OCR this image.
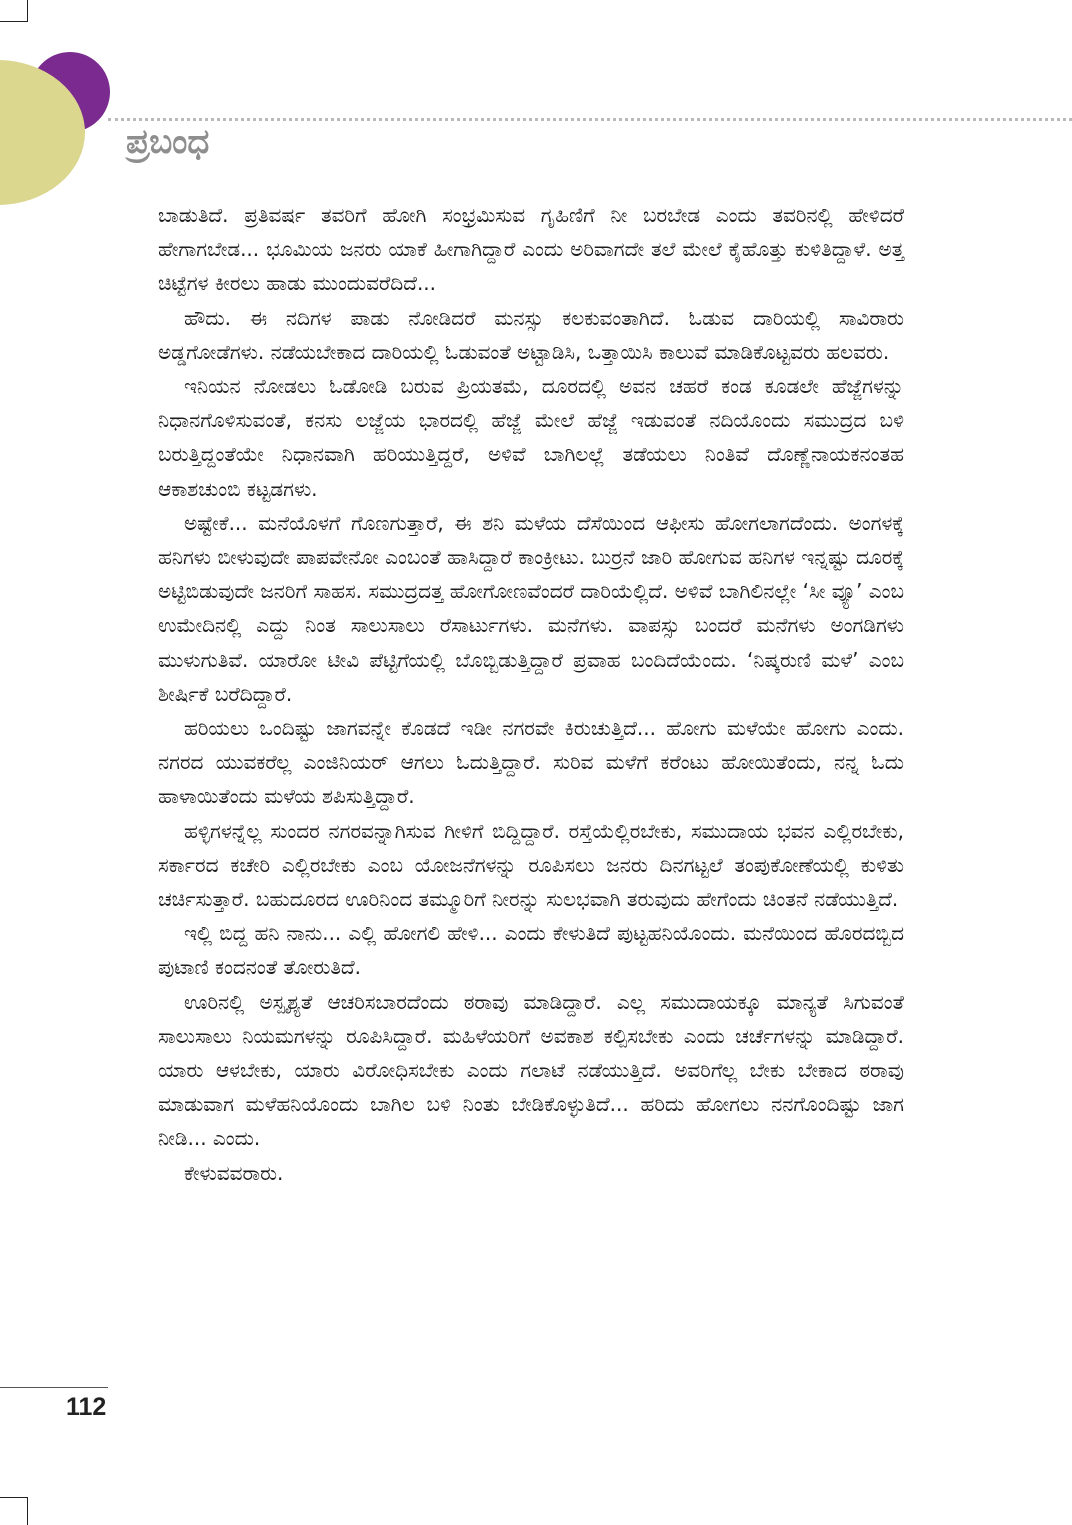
ಪ್ರಬಂಧ

ಬಾಡುತಿದೆ. ಪ್ರತಿವರ್ಷ ತವರಿಗೆ ಹೋಗಿ ಸಂಭ್ರಮಿಸುವ ಗೃಹಿಣಿಗೆ ನೀ ಬರಬೇಡ ಎಂದು ತವರಿನಲ್ಲಿ ಹೇಳಿದರೆ ಹೇಗಾಗಬೇಡ... ಭೂಮಿಯ ಜನರು ಯಾಕೆ ಹೀಗಾಗಿದ್ದಾರೆ ಎಂದು ಅರಿವಾಗದೇ ತಲೆ ಮೇಲೆ ಕೈಹೊತ್ತು ಕುಳಿತಿದ್ದಾಳೆ. ಅತ್ತ ಚಿಟ್ಟೆಗಳ ಕೀರಲು ಹಾಡು ಮುಂದುವರೆದಿದೆ...

ಹೌದು. ಈ ನದಿಗಳ ಪಾಡು ನೋಡಿದರೆ ಮನಸ್ಸು ಕಲಕುವಂತಾಗಿದೆ. ಓಡುವ ದಾರಿಯಲ್ಲಿ ಸಾವಿರಾರು ಅಡ್ಡಗೋಡೆಗಳು. ನಡೆಯಬೇಕಾದ ದಾರಿಯಲ್ಲಿ ಓಡುವಂತೆ ಅಟ್ಟಾಡಿಸಿ, ಒತ್ತಾಯಿಸಿ ಕಾಲುವೆ ಮಾಡಿಕೊಟ್ಟವರು ಹಲವರು.

ಇನಿಯನ ನೋಡಲು ಓಡೋಡಿ ಬರುವ ಪ್ರಿಯತಮೆ, ದೂರದಲ್ಲಿ ಅವನ ಚಹರೆ ಕಂಡ ಕೂಡಲೇ ಹೆಜ್ಜೆಗಳನ್ನು ನಿಧಾನಗೊಳಿಸುವಂತೆ, ಕನಸು ಲಜ್ಜೆಯ ಭಾರದಲ್ಲಿ ಹೆಜ್ಜೆ ಮೇಲೆ ಹೆಜ್ಜೆ ಇಡುವಂತೆ ನದಿಯೊಂದು ಸಮುದ್ರದ ಬಳಿ ಬರುತ್ತಿದ್ದಂತೆಯೇ ನಿಧಾನವಾಗಿ ಹರಿಯುತ್ತಿದ್ದರೆ, ಅಳಿವೆ ಬಾಗಿಲಲ್ಲೆ ತಡೆಯಲು ನಿಂತಿವೆ ದೊಣ್ಣೆನಾಯಕನಂತಹ ಆಕಾಶಚುಂಬಿ ಕಟ್ಟಡಗಳು.

ಅಷ್ಟೇಕೆ... ಮನೆಯೊಳಗೆ ಗೊಣಗುತ್ತಾರೆ, ಈ ಶನಿ ಮಳೆಯ ದೆಸೆಯಿಂದ ಆಫೀಸು ಹೋಗಲಾಗದೆಂದು. ಅಂಗಳಕ್ಕೆ ಹನಿಗಳು ಬೀಳುವುದೇ ಪಾಪವೇನೋ ಎಂಬಂತೆ ಹಾಸಿದ್ದಾರೆ ಕಾಂಕ್ರೀಟು. ಬುರ್ರನೆ ಜಾರಿ ಹೋಗುವ ಹನಿಗಳ ಇನ್ನಷ್ಟು ದೂರಕ್ಕೆ ಅಟ್ಟಿಬಿಡುವುದೇ ಜನರಿಗೆ ಸಾಹಸ. ಸಮುದ್ರದತ್ತ ಹೋಗೋಣವೆಂದರೆ ದಾರಿಯೆಲ್ಲಿದೆ. ಅಳಿವೆ ಬಾಗಿಲಿನಲ್ಲೇ ‘ಸೀ ವ್ಯೂ’ ಎಂಬ ಉಮೇದಿನಲ್ಲಿ ಎದ್ದು ನಿಂತ ಸಾಲುಸಾಲು ರೆಸಾರ್ಟುಗಳು. ಮನೆಗಳು. ವಾಪಸ್ಸು ಬಂದರೆ ಮನೆಗಳು ಅಂಗಡಿಗಳು ಮುಳುಗುತಿವೆ. ಯಾರೋ ಟೀವಿ ಪೆಟ್ಟಿಗೆಯಲ್ಲಿ ಬೊಬ್ಬಿಡುತ್ತಿದ್ದಾರೆ ಪ್ರವಾಹ ಬಂದಿದೆಯೆಂದು. ‘ನಿಷ್ಕರುಣಿ ಮಳೆ’ ಎಂಬ ಶೀರ್ಷಿಕೆ ಬರೆದಿದ್ದಾರೆ.

ಹರಿಯಲು ಒಂದಿಷ್ಟು ಜಾಗವನ್ನೇ ಕೊಡದೆ ಇಡೀ ನಗರವೇ ಕಿರುಚುತ್ತಿದೆ... ಹೋಗು ಮಳೆಯೇ ಹೋಗು ಎಂದು. ನಗರದ ಯುವಕರೆಲ್ಲ ಎಂಜಿನಿಯರ್ ಆಗಲು ಓದುತ್ತಿದ್ದಾರೆ. ಸುರಿವ ಮಳೆಗೆ ಕರೆಂಟು ಹೋಯಿತೆಂದು, ನನ್ನ ಓದು ಹಾಳಾಯಿತೆಂದು ಮಳೆಯ ಶಪಿಸುತ್ತಿದ್ದಾರೆ.

ಹಳ್ಳಿಗಳನ್ನೆಲ್ಲ ಸುಂದರ ನಗರವನ್ನಾಗಿಸುವ ಗೀಳಿಗೆ ಬಿದ್ದಿದ್ದಾರೆ. ರಸ್ತೆಯೆಲ್ಲಿರಬೇಕು, ಸಮುದಾಯ ಭವನ ಎಲ್ಲಿರಬೇಕು, ಸರ್ಕಾರದ ಕಚೇರಿ ಎಲ್ಲಿರಬೇಕು ಎಂಬ ಯೋಜನೆಗಳನ್ನು ರೂಪಿಸಲು ಜನರು ದಿನಗಟ್ಟಲೆ ತಂಪುಕೋಣೆಯಲ್ಲಿ ಕುಳಿತು ಚರ್ಚಿಸುತ್ತಾರೆ. ಬಹುದೂರದ ಊರಿನಿಂದ ತಮ್ಮೂರಿಗೆ ನೀರನ್ನು ಸುಲಭವಾಗಿ ತರುವುದು ಹೇಗೆಂದು ಚಿಂತನೆ ನಡೆಯುತ್ತಿದೆ.

ಇಲ್ಲಿ ಬಿದ್ದ ಹನಿ ನಾನು... ಎಲ್ಲಿ ಹೋಗಲಿ ಹೇಳಿ... ಎಂದು ಕೇಳುತಿದೆ ಪುಟ್ಟಹನಿಯೊಂದು. ಮನೆಯಿಂದ ಹೊರದಬ್ಬಿದ ಪುಟಾಣಿ ಕಂದನಂತೆ ತೋರುತಿದೆ.

ಊರಿನಲ್ಲಿ ಅಸ್ಪೃಶ್ಯತೆ ಆಚರಿಸಬಾರದೆಂದು ಠರಾವು ಮಾಡಿದ್ದಾರೆ. ಎಲ್ಲ ಸಮುದಾಯಕ್ಕೂ ಮಾನ್ಯತೆ ಸಿಗುವಂತೆ ಸಾಲುಸಾಲು ನಿಯಮಗಳನ್ನು ರೂಪಿಸಿದ್ದಾರೆ. ಮಹಿಳೆಯರಿಗೆ ಅವಕಾಶ ಕಲ್ಪಿಸಬೇಕು ಎಂದು ಚರ್ಚೆಗಳನ್ನು ಮಾಡಿದ್ದಾರೆ. ಯಾರು ಆಳಬೇಕು, ಯಾರು ವಿರೋಧಿಸಬೇಕು ಎಂದು ಗಲಾಟೆ ನಡೆಯುತ್ತಿದೆ. ಅವರಿಗೆಲ್ಲ ಬೇಕು ಬೇಕಾದ ಠರಾವು ಮಾಡುವಾಗ ಮಳೆಹನಿಯೊಂದು ಬಾಗಿಲ ಬಳಿ ನಿಂತು ಬೇಡಿಕೊಳ್ಳುತಿದೆ... ಹರಿದು ಹೋಗಲು ನನಗೊಂದಿಷ್ಟು ಜಾಗ ನೀಡಿ... ಎಂದು.

ಕೇಳುವವರಾರು.

112
